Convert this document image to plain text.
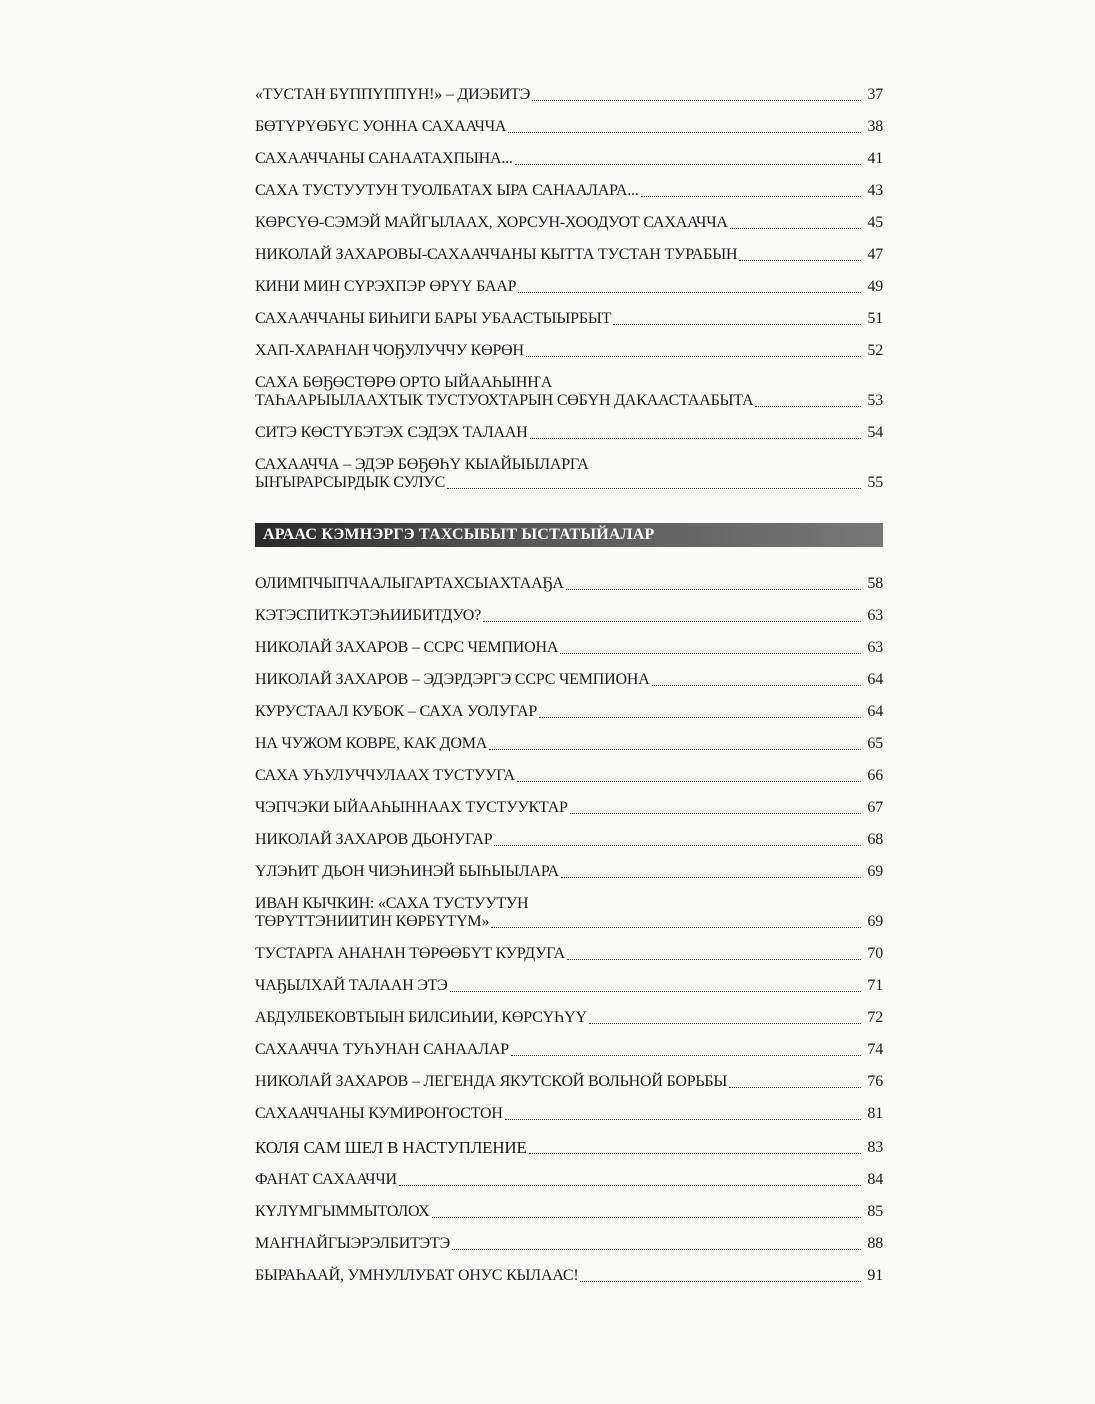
«ТУСТАН БҮППҮППҮН!» – ДИЭБИТЭ	37
БӨТҮРҮӨБҮС УОННА САХААЧЧА	38
САХААЧЧАНЫ САНААТАХПЫНА...	41
САХА ТУСТУУТУН ТУОЛБАТАХ ЫРА САНААЛАРА...	43
КӨРСҮӨ-СЭМЭЙ МАЙГЫЛААХ, ХОРСУН-ХООДУОТ САХААЧЧА	45
НИКОЛАЙ ЗАХАРОВЫ-САХААЧЧАНЫ КЫТТА ТУСТАН ТУРАБЫН	47
КИНИ МИН СҮРЭХПЭР ӨРҮҮ БААР	49
САХААЧЧАНЫ БИҺИГИ БАРЫ УБААСТЫЫРБЫТ	51
ХАП-ХАРАНАН ЧОҔУЛУЧЧУ КӨРӨН	52
САХА БӨҔӨСТӨРӨ ОРТО ЫЙААҺЫНҤА
ТАҺААРЫЫЛААХТЫК ТУСТУОХТАРЫН СӨБҮН ДАКААСТААБЫТА	53
СИТЭ КӨСТҮБЭТЭХ СЭДЭХ ТАЛААН	54
САХААЧЧА – ЭДЭР БӨҔӨҺҮ КЫАЙЫЫЛАРГА
ЫҤЫРАРСЫРДЫК СУЛУС	55
АРААС КЭМНЭРГЭ ТАХСЫБЫТ ЫСТАТЫЙАЛАР
ОЛИМПЧЫПЧААЛЫГАРТАХСЫАХТААҔА	58
КЭТЭСПИТКЭТЭҺИИБИТДУО?	63
НИКОЛАЙ ЗАХАРОВ – ССРС ЧЕМПИОНА	63
НИКОЛАЙ ЗАХАРОВ – ЭДЭРДЭРГЭ ССРС ЧЕМПИОНА	64
КУРУСТААЛ КУБОК – САХА УОЛУГАР	64
НА ЧУЖОМ КОВРЕ, КАК ДОМА	65
САХА УҺУЛУЧЧУЛААХ ТУСТУУГА	66
ЧЭПЧЭКИ ЫЙААҺЫННААХ ТУСТУУКТАР	67
НИКОЛАЙ ЗАХАРОВ ДЬОНУГАР	68
ҮЛЭҺИТ ДЬОН ЧИЭҺИНЭЙ БЫҺЫЫЛАРА	69
ИВАН КЫЧКИН: «САХА ТУСТУУТУН
ТӨРҮТТЭНИИТИН КӨРБҮТҮМ»	69
ТУСТАРГА АНАНАН ТӨРӨӨБҮТ КУРДУГА	70
ЧАҔЫЛХАЙ ТАЛААН ЭТЭ	71
АБДУЛБЕКОВТЫЫН БИЛСИҺИИ, КӨРСҮҺҮҮ	72
САХААЧЧА ТУҺУНАН САНААЛАР	74
НИКОЛАЙ ЗАХАРОВ – ЛЕГЕНДА ЯКУТСКОЙ ВОЛЬНОЙ БОРЬБЫ	76
САХААЧЧАНЫ КУМИРОҤОСТОН	81
КОЛЯ САМ ШЕЛ В НАСТУПЛЕНИЕ	83
ФАНАТ САХААЧЧИ	84
КҮЛҮМГЫММЫТОЛОХ	85
МАҤНАЙГЫЭРЭЛБИТЭТЭ	88
БЫРАҺААЙ, УМНУЛЛУБАТ ОНУС КЫЛААС!	91
